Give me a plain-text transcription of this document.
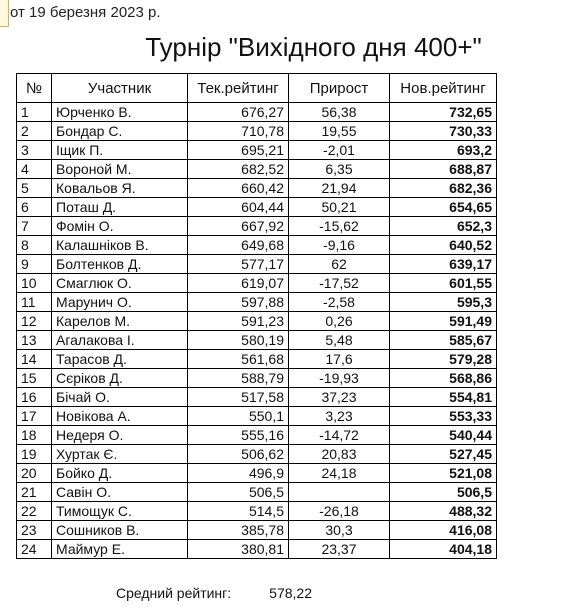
от 19 березня 2023 р.
Турнір "Вихідного дня 400+"
№	Участник	Тек.рейтинг	Прирост	Нов.рейтинг
1	Юрченко В.	676,27	56,38	732,65
2	Бондар С.	710,78	19,55	730,33
3	Іщик П.	695,21	-2,01	693,2
4	Вороной М.	682,52	6,35	688,87
5	Ковальов Я.	660,42	21,94	682,36
6	Поташ Д.	604,44	50,21	654,65
7	Фомін О.	667,92	-15,62	652,3
8	Калашніков В.	649,68	-9,16	640,52
9	Болтенков Д.	577,17	62	639,17
10	Смаглюк О.	619,07	-17,52	601,55
11	Марунич О.	597,88	-2,58	595,3
12	Карелов М.	591,23	0,26	591,49
13	Агалакова І.	580,19	5,48	585,67
14	Тарасов Д.	561,68	17,6	579,28
15	Сєріков Д.	588,79	-19,93	568,86
16	Бічай О.	517,58	37,23	554,81
17	Новікова А.	550,1	3,23	553,33
18	Недеря О.	555,16	-14,72	540,44
19	Хуртак Є.	506,62	20,83	527,45
20	Бойко Д.	496,9	24,18	521,08
21	Савін О.	506,5		506,5
22	Тимощук С.	514,5	-26,18	488,32
23	Сошников В.	385,78	30,3	416,08
24	Маймур Е.	380,81	23,37	404,18
Средний рейтинг:	578,22
